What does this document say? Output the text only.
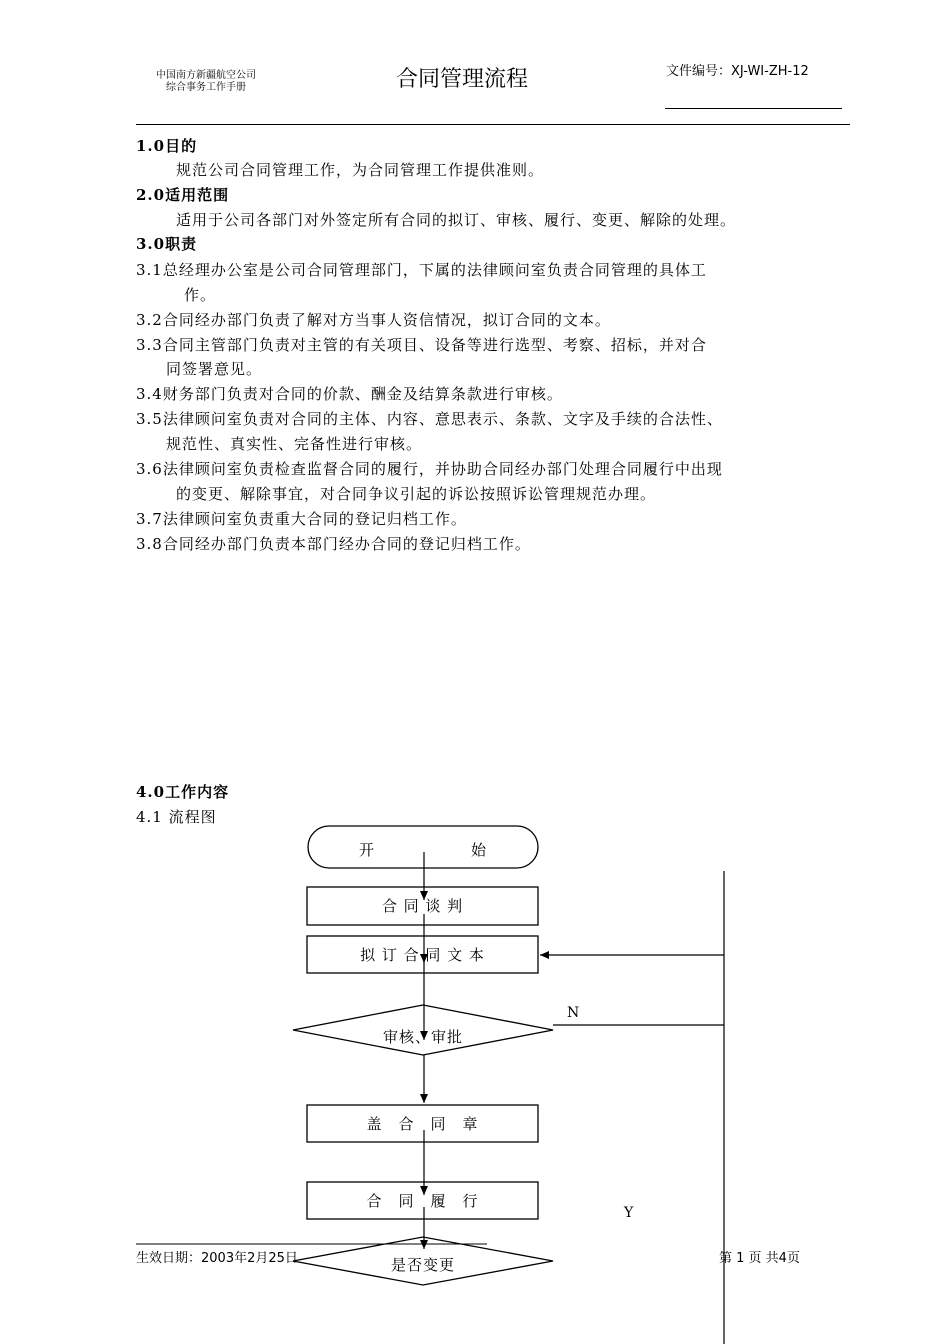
中国南方新疆航空公司
综合事务工作手册	合同管理流程	文件编号：XJ-WI-ZH-12
1.0目的
规范公司合同管理工作，为合同管理工作提供准则。
2.0适用范围
适用于公司各部门对外签定所有合同的拟订、审核、履行、变更、解除的处理。
3.0职责
3.1总经理办公室是公司合同管理部门，下属的法律顾问室负责合同管理的具体工
作。
3.2合同经办部门负责了解对方当事人资信情况，拟订合同的文本。
3.3合同主管部门负责对主管的有关项目、设备等进行选型、考察、招标，并对合
同签署意见。
3.4财务部门负责对合同的价款、酬金及结算条款进行审核。
3.5法律顾问室负责对合同的主体、内容、意思表示、条款、文字及手续的合法性、
规范性、真实性、完备性进行审核。
3.6法律顾问室负责检查监督合同的履行，并协助合同经办部门处理合同履行中出现
的变更、解除事宜，对合同争议引起的诉讼按照诉讼管理规范办理。
3.7法律顾问室负责重大合同的登记归档工作。
3.8合同经办部门负责本部门经办合同的登记归档工作。
4.0工作内容
4.1 流程图
开　　　　　　始
合 同 谈 判
拟 订 合 同 文 本
审核、审批
盖　合　同　章
合　同　履　行
是否变更
N
Y
生效日期：2003年2月25日	第 1 页 共4页
